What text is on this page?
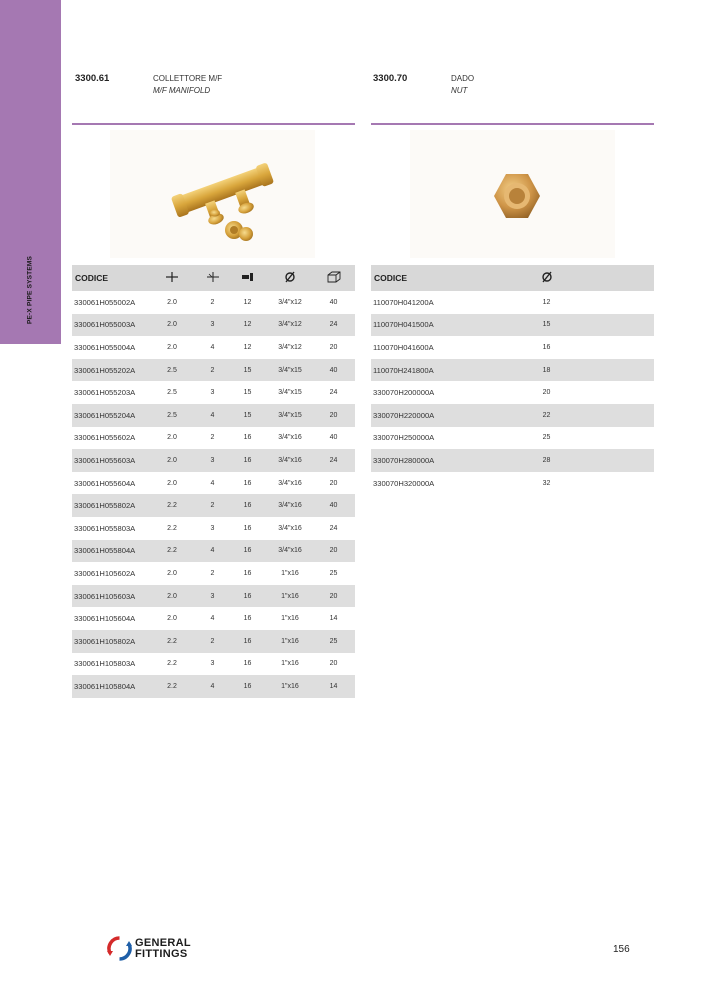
PE-X PIPE SYSTEMS
3300.61	COLLETTORE M/F
M/F MANIFOLD
3300.70	DADO
NUT
CODICE					
330061H055002A	2.0	2	12	3/4"x12	40
330061H055003A	2.0	3	12	3/4"x12	24
330061H055004A	2.0	4	12	3/4"x12	20
330061H055202A	2.5	2	15	3/4"x15	40
330061H055203A	2.5	3	15	3/4"x15	24
330061H055204A	2.5	4	15	3/4"x15	20
330061H055602A	2.0	2	16	3/4"x16	40
330061H055603A	2.0	3	16	3/4"x16	24
330061H055604A	2.0	4	16	3/4"x16	20
330061H055802A	2.2	2	16	3/4"x16	40
330061H055803A	2.2	3	16	3/4"x16	24
330061H055804A	2.2	4	16	3/4"x16	20
330061H105602A	2.0	2	16	1"x16	25
330061H105603A	2.0	3	16	1"x16	20
330061H105604A	2.0	4	16	1"x16	14
330061H105802A	2.2	2	16	1"x16	25
330061H105803A	2.2	3	16	1"x16	20
330061H105804A	2.2	4	16	1"x16	14
CODICE		
110070H041200A	12	
110070H041500A	15	
110070H041600A	16	
110070H241800A	18	
330070H200000A	20	
330070H220000A	22	
330070H250000A	25	
330070H280000A	28	
330070H320000A	32	
GENERAL
FITTINGS	156
